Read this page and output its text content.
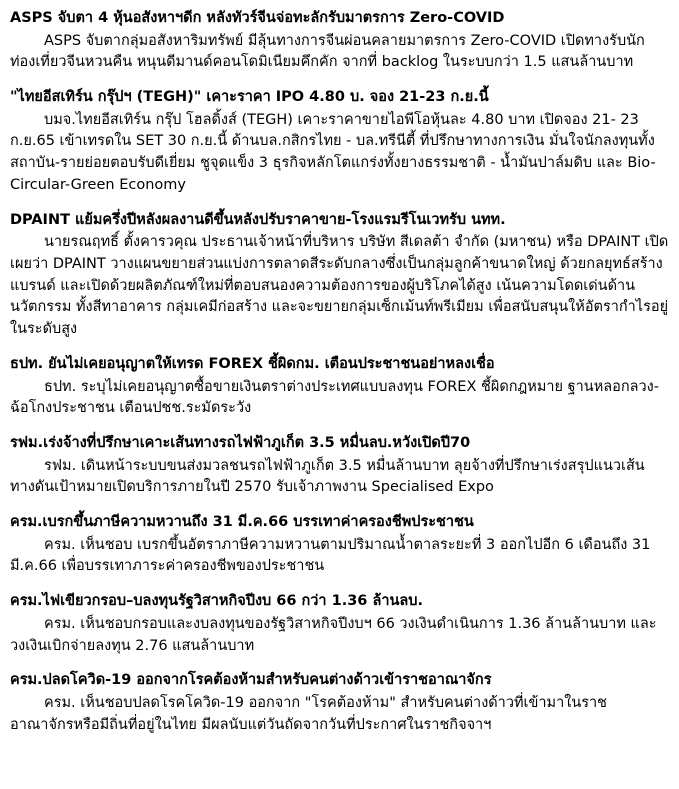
ASPS จับตา 4 หุ้นอสังหาฯดีก หลังทัวร์จีนจ่อทะลักรับมาตรการ Zero-COVID
ASPS จับตากลุ่มอสังหาริมทรัพย์ มีลุ้นทางการจีนผ่อนคลายมาตรการ Zero-COVID เปิดทางรับนักท่องเที่ยวจีนหวนคืน หนุนดีมานด์คอนโดมิเนียมคึกคัก จากที่ backlog ในระบบกว่า 1.5 แสนล้านบาท
"ไทยอีสเทิร์น กรุ๊ปฯ (TEGH)" เคาะราคา IPO 4.80 บ. จอง 21-23 ก.ย.นี้
บมจ.ไทยอีสเทิร์น กรุ๊ป โฮลดิ้งส์ (TEGH) เคาะราคาขายไอพีโอหุ้นละ 4.80 บาท เปิดจอง 21- 23 ก.ย.65 เข้าเทรดใน SET 30 ก.ย.นี้ ด้านบล.กสิกรไทย - บล.ทรีนีตี้ ที่ปรึกษาทางการเงิน มั่นใจนักลงทุนทั้งสถาบัน-รายย่อยตอบรับดีเยี่ยม ชูจุดแข็ง 3 ธุรกิจหลักโตแกร่งทั้งยางธรรมชาติ - น้ำมันปาล์มดิบ และ Bio-Circular-Green Economy
DPAINT แย้มครึ่งปีหลังผลงานดีขึ้นหลังปรับราคาขาย-โรงแรมรีโนเวทรับ นทท.
นายรณฤทธิ์ ตั้งคารวคุณ ประธานเจ้าหน้าที่บริหาร บริษัท สีเดลต้า จำกัด (มหาชน) หรือ DPAINT เปิดเผยว่า DPAINT วางแผนขยายส่วนแบ่งการตลาดสีระดับกลางซึ่งเป็นกลุ่มลูกค้าขนาดใหญ่ ด้วยกลยุทธ์สร้างแบรนด์ และเปิดด้วยผลิตภัณฑ์ใหม่ที่ตอบสนองความต้องการของผู้บริโภคได้สูง เน้นความโดดเด่นด้านนวัตกรรม ทั้งสีทาอาคาร กลุ่มเคมีก่อสร้าง และจะขยายกลุ่มเซ็กเม้นท์พรีเมียม เพื่อสนับสนุนให้อัตรากำไรอยู่ในระดับสูง
ธปท. ยันไม่เคยอนุญาตให้เทรด FOREX ชี้ผิดกม. เตือนประชาชนอย่าหลงเชื่อ
ธปท. ระบุไม่เคยอนุญาตซื้อขายเงินตราต่างประเทศแบบลงทุน FOREX ชี้ผิดกฎหมาย ฐานหลอกลวง-ฉ้อโกงประชาชน เตือนปชช.ระมัดระวัง
รฟม.เร่งจ้างที่ปรึกษาเคาะเส้นทางรถไฟฟ้าภูเก็ต 3.5 หมื่นลบ.หวังเปิดปี70
รฟม. เดินหน้าระบบขนส่งมวลชนรถไฟฟ้าภูเก็ต 3.5 หมื่นล้านบาท ลุยจ้างที่ปรึกษาเร่งสรุปแนวเส้นทางดันเป้าหมายเปิดบริการภายในปี 2570 รับเจ้าภาพงาน Specialised Expo
ครม.เบรกขึ้นภาษีความหวานถึง 31 มี.ค.66 บรรเทาค่าครองชีพประชาชน
ครม. เห็นชอบ เบรกขึ้นอัตราภาษีความหวานตามปริมาณน้ำตาลระยะที่ 3 ออกไปอีก 6 เดือนถึง 31 มี.ค.66 เพื่อบรรเทาภาระค่าครองชีพของประชาชน
ครม.ไฟเขียวกรอบ–บลงทุนรัฐวิสาหกิจปีงบ 66 กว่า 1.36 ล้านลบ.
ครม. เห็นชอบกรอบและงบลงทุนของรัฐวิสาหกิจปีงบฯ 66 วงเงินดำเนินการ 1.36 ล้านล้านบาท และวงเงินเบิกจ่ายลงทุน 2.76 แสนล้านบาท
ครม.ปลดโควิด-19 ออกจากโรคต้องห้ามสำหรับคนต่างด้าวเข้าราชอาณาจักร
ครม. เห็นชอบปลดโรคโควิด-19 ออกจาก "โรคต้องห้าม" สำหรับคนต่างด้าวที่เข้ามาในราชอาณาจักรหรือมีถิ่นที่อยู่ในไทย มีผลนับแต่วันถัดจากวันที่ประกาศในราชกิจจาฯ
